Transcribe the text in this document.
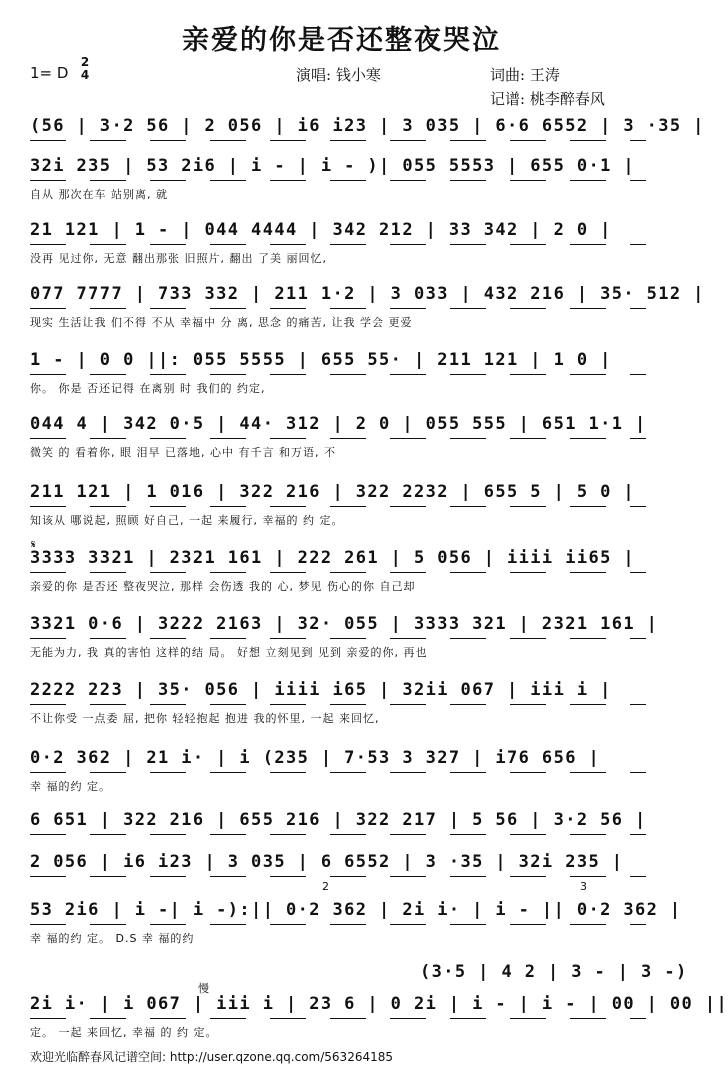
亲爱的你是否还整夜哭泣
1= D
2
4	演唱: 钱小寒	词曲: 王涛
记谱: 桃李醉春风
(56 | 3·2 56 | 2 056 | i6 i23 | 3 035 | 6·6 6552 | 3 ·35 |
32i 235 | 53 2i6 | i - | i - )| 055 5553 | 655 0·1 |
自从 那次在车 站别离, 就
21 121 | 1 - | 044 4444 | 342 212 | 33 342 | 2 0 |
没再 见过你, 无意 翻出那张 旧照片, 翻出 了美 丽回忆,
077 7777 | 733 332 | 211 1·2 | 3 033 | 432 216 | 35· 512 |
现实 生活让我 们不得 不从 幸福中 分 离, 思念 的痛苦, 让我 学会 更爱
1 - | 0 0 ||: 055 5555 | 655 55· | 211 121 | 1 0 |
你。 你是 否还记得 在离别 时 我们的 约定,
044 4 | 342 0·5 | 44· 312 | 2 0 | 055 555 | 651 1·1 |
微笑 的 看着你, 眼 泪早 已落地, 心中 有千言 和万语, 不
211 121 | 1 016 | 322 216 | 322 2232 | 655 5 | 5 0 |
知该从 哪说起, 照顾 好自己, 一起 来履行, 幸福的 约 定。
3333 3321 | 2321 161 | 222 261 | 5 056 | iiii ii65 |
亲爱的你 是否还 整夜哭泣, 那样 会伤透 我的 心, 梦见 伤心的你 自己却
3321 0·6 | 3222 2163 | 32· 055 | 3333 321 | 2321 161 |
无能为力, 我 真的害怕 这样的结 局。 好想 立刻见到 见到 亲爱的你, 再也
2222 223 | 35· 056 | iiii i65 | 32ii 067 | iii i |
不让你受 一点委 屈, 把你 轻轻抱起 抱进 我的怀里, 一起 来回忆,
0·2 362 | 21 i· | i (235 | 7·53 3 327 | i76 656 |
幸 福的约 定。
6 651 | 322 216 | 655 216 | 322 217 | 5 56 | 3·2 56 |
2 056 | i6 i23 | 3 035 | 6 6552 | 3 ·35 | 32i 235 |
53 2i6 | i -| i -):|| 0·2 362 | 2i i· | i - || 0·2 362 |
幸 福的约 定。 D.S 幸 福的约
2i i· | i 067 | iii i | 23 6 | 0 2i | i - | i - | 00 | 00 ||
定。 一起 来回忆, 幸福 的 约 定。
𝄋
慢
2	3
(3·5 | 4 2 | 3 - | 3 -)
欢迎光临醉春风记谱空间: http://user.qzone.qq.com/563264185
